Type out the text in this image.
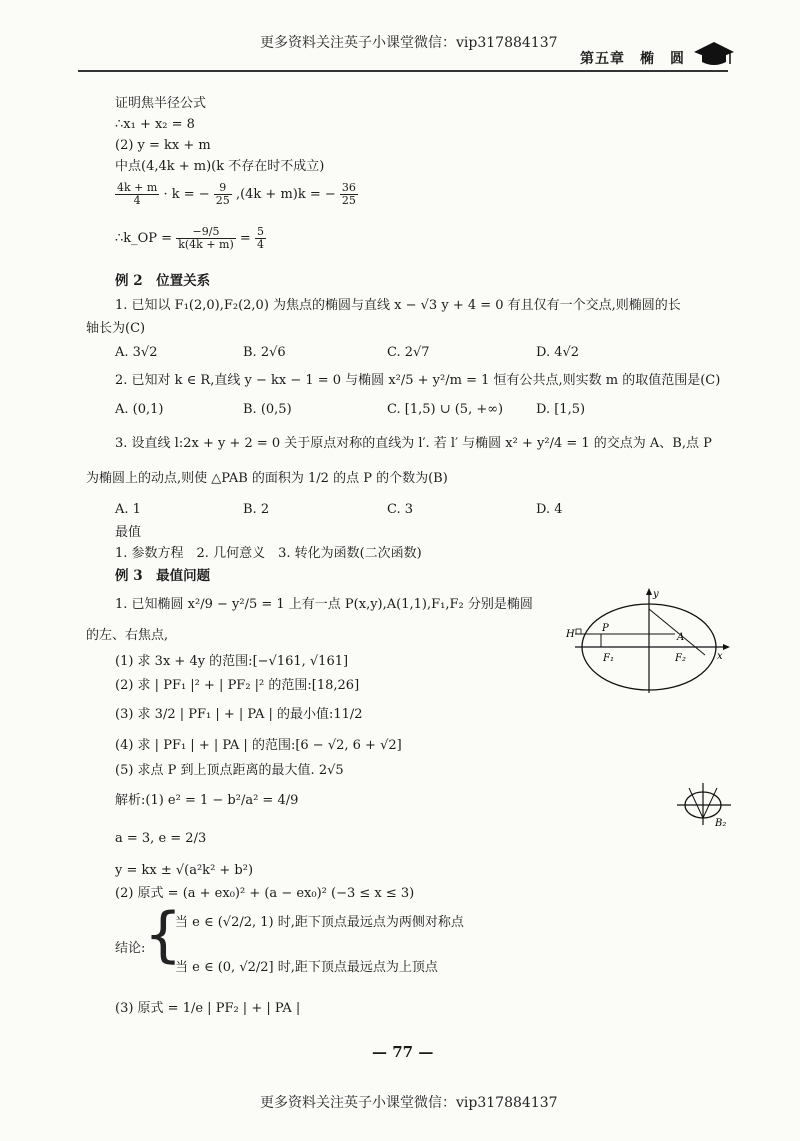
更多资料关注英子小课堂微信：vip317884137
第五章　 椭　 圆
证明焦半径公式
∴x₁ + x₂ = 8
(2) y = kx + m
中点(4,4k + m)(k 不存在时不成立)
$\frac{4k + m}{4} \cdot k$ = − $\frac{9}{25} ,(4k + m)k$ = − $\frac{36}{25}$
∴k_OP = $\frac{-9/5}{k(4k + m)} = \frac{5}{4}$
例 2　位置关系
1. 已知以 F₁(2,0),F₂(2,0) 为焦点的椭圆与直线 x − √3 y + 4 = 0 有且仅有一个交点,则椭圆的长
轴长为(C)
A. 3√2	B. 2√6	C. 2√7	D. 4√2
2. 已知对 k ∈ R,直线 y − kx − 1 = 0 与椭圆 x²/5 + y²/m = 1 恒有公共点,则实数 m 的取值范围是(C)
A. (0,1)	B. (0,5)	C. [1,5) ∪ (5, +∞)	D. [1,5)
3. 设直线 l:2x + y + 2 = 0 关于原点对称的直线为 l′. 若 l′ 与椭圆 x² + y²/4 = 1 的交点为 A、B,点 P
为椭圆上的动点,则使 △PAB 的面积为 1/2 的点 P 的个数为(B)
A. 1	B. 2	C. 3	D. 4
最值
1. 参数方程　2. 几何意义　3. 转化为函数(二次函数)
例 3　最值问题
1. 已知椭圆 x²/9 − y²/5 = 1 上有一点 P(x,y),A(1,1),F₁,F₂ 分别是椭圆
的左、右焦点,
(1) 求 3x + 4y 的范围:[−√161, √161]
(2) 求 | PF₁ |² + | PF₂ |² 的范围:[18,26]
(3) 求 3/2 | PF₁ | + | PA | 的最小值:11/2
(4) 求 | PF₁ | + | PA | 的范围:[6 − √2, 6 + √2]
(5) 求点 P 到上顶点距离的最大值. 2√5
y
x
H
P
A
F₁	F₂
B₂
解析:(1) e² = 1 − b²/a² = 4/9
a = 3, e = 2/3
y = kx ± √(a²k² + b²)
(2) 原式 = (a + ex₀)² + (a − ex₀)² (−3 ≤ x ≤ 3)
结论:
{
当 e ∈ (√2/2, 1) 时,距下顶点最远点为两侧对称点
当 e ∈ (0, √2/2] 时,距下顶点最远点为上顶点
(3) 原式 = 1/e | PF₂ | + | PA |
— 77 —
更多资料关注英子小课堂微信：vip317884137
